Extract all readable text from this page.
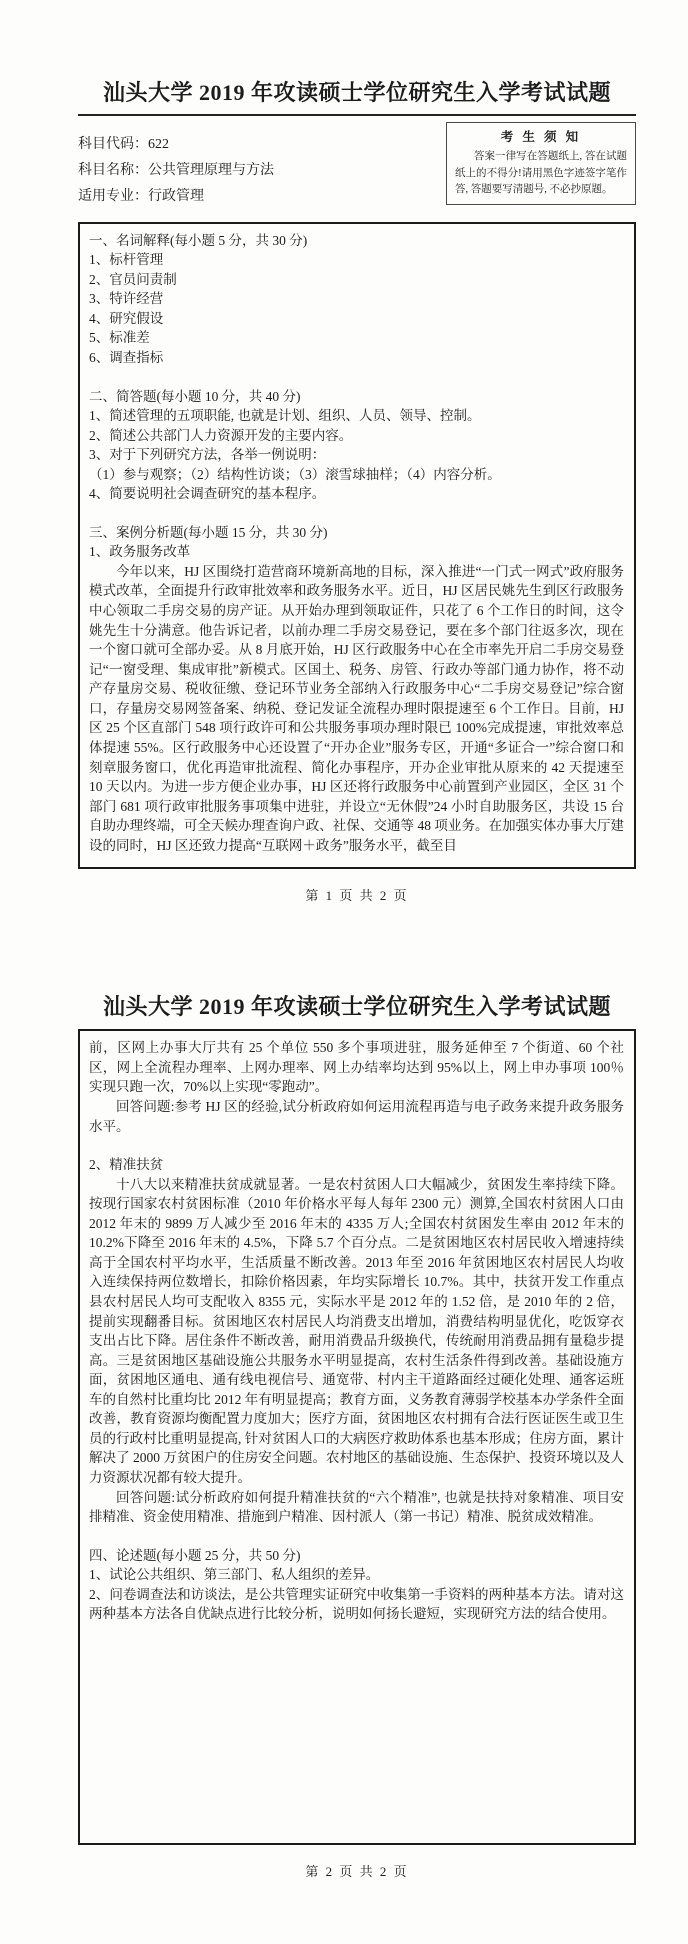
汕头大学 2019 年攻读硕士学位研究生入学考试试题
科目代码：622
科目名称：公共管理原理与方法
适用专业：行政管理
考 生 须 知

答案一律写在答题纸上, 答在试题纸上的不得分!请用黑色字迹签字笔作答, 答题要写清题号, 不必抄原题。

一、名词解释(每小题 5 分，共 30 分)

1、标杆管理

2、官员问责制

3、特许经营

4、研究假设

5、标准差

6、调查指标

二、简答题(每小题 10 分，共 40 分)

1、简述管理的五项职能, 也就是计划、组织、人员、领导、控制。

2、简述公共部门人力资源开发的主要内容。

3、对于下列研究方法，各举一例说明：

（1）参与观察；（2）结构性访谈；（3）滚雪球抽样；（4）内容分析。

4、简要说明社会调查研究的基本程序。

三、案例分析题(每小题 15 分，共 30 分)

1、政务服务改革

今年以来，HJ 区围绕打造营商环境新高地的目标，深入推进“一门式一网式”政府服务模式改革，全面提升行政审批效率和政务服务水平。近日，HJ 区居民姚先生到区行政服务中心领取二手房交易的房产证。从开始办理到领取证件，只花了 6 个工作日的时间，这令姚先生十分满意。他告诉记者，以前办理二手房交易登记，要在多个部门往返多次，现在一个窗口就可全部办妥。从 8 月底开始，HJ 区行政服务中心在全市率先开启二手房交易登记“一窗受理、集成审批”新模式。区国土、税务、房管、行政办等部门通力协作，将不动产存量房交易、税收征缴、登记环节业务全部纳入行政服务中心“二手房交易登记”综合窗口，存量房交易网签备案、纳税、登记发证全流程办理时限提速至 6 个工作日。目前，HJ 区 25 个区直部门 548 项行政许可和公共服务事项办理时限已 100%完成提速，审批效率总体提速 55%。区行政服务中心还设置了“开办企业”服务专区，开通“多证合一”综合窗口和刻章服务窗口，优化再造审批流程、简化办事程序，开办企业审批从原来的 42 天提速至 10 天以内。为进一步方便企业办事，HJ 区还将行政服务中心前置到产业园区，全区 31 个部门 681 项行政审批服务事项集中进驻，并设立“无休假”24 小时自助服务区，共设 15 台自助办理终端，可全天候办理查询户政、社保、交通等 48 项业务。在加强实体办事大厅建设的同时，HJ 区还致力提高“互联网＋政务”服务水平，截至目

第 1 页 共 2 页
汕头大学 2019 年攻读硕士学位研究生入学考试试题

前，区网上办事大厅共有 25 个单位 550 多个事项进驻，服务延伸至 7 个街道、60 个社区，网上全流程办理率、上网办理率、网上办结率均达到 95%以上，网上申办事项 100％实现只跑一次，70%以上实现“零跑动”。

回答问题:参考 HJ 区的经验,试分析政府如何运用流程再造与电子政务来提升政务服务水平。

2、精准扶贫

十八大以来精准扶贫成就显著。一是农村贫困人口大幅减少，贫困发生率持续下降。按现行国家农村贫困标准（2010 年价格水平每人每年 2300 元）测算,全国农村贫困人口由 2012 年末的 9899 万人减少至 2016 年末的 4335 万人;全国农村贫困发生率由 2012 年末的 10.2%下降至 2016 年末的 4.5%，下降 5.7 个百分点。二是贫困地区农村居民收入增速持续高于全国农村平均水平，生活质量不断改善。2013 年至 2016 年贫困地区农村居民人均收入连续保持两位数增长，扣除价格因素，年均实际增长 10.7%。其中，扶贫开发工作重点县农村居民人均可支配收入 8355 元，实际水平是 2012 年的 1.52 倍，是 2010 年的 2 倍，提前实现翻番目标。贫困地区农村居民人均消费支出增加，消费结构明显优化，吃饭穿衣支出占比下降。居住条件不断改善，耐用消费品升级换代，传统耐用消费品拥有量稳步提高。三是贫困地区基础设施公共服务水平明显提高，农村生活条件得到改善。基础设施方面，贫困地区通电、通有线电视信号、通宽带、村内主干道路面经过硬化处理、通客运班车的自然村比重均比 2012 年有明显提高；教育方面，义务教育薄弱学校基本办学条件全面改善，教育资源均衡配置力度加大；医疗方面，贫困地区农村拥有合法行医证医生或卫生员的行政村比重明显提高, 针对贫困人口的大病医疗救助体系也基本形成；住房方面，累计解决了 2000 万贫困户的住房安全问题。农村地区的基础设施、生态保护、投资环境以及人力资源状况都有较大提升。

回答问题:试分析政府如何提升精准扶贫的“六个精准”, 也就是扶持对象精准、项目安排精准、资金使用精准、措施到户精准、因村派人（第一书记）精准、脱贫成效精准。

四、论述题(每小题 25 分，共 50 分)

1、试论公共组织、第三部门、私人组织的差异。

2、问卷调查法和访谈法，是公共管理实证研究中收集第一手资料的两种基本方法。请对这两种基本方法各自优缺点进行比较分析，说明如何扬长避短，实现研究方法的结合使用。

第 2 页 共 2 页
